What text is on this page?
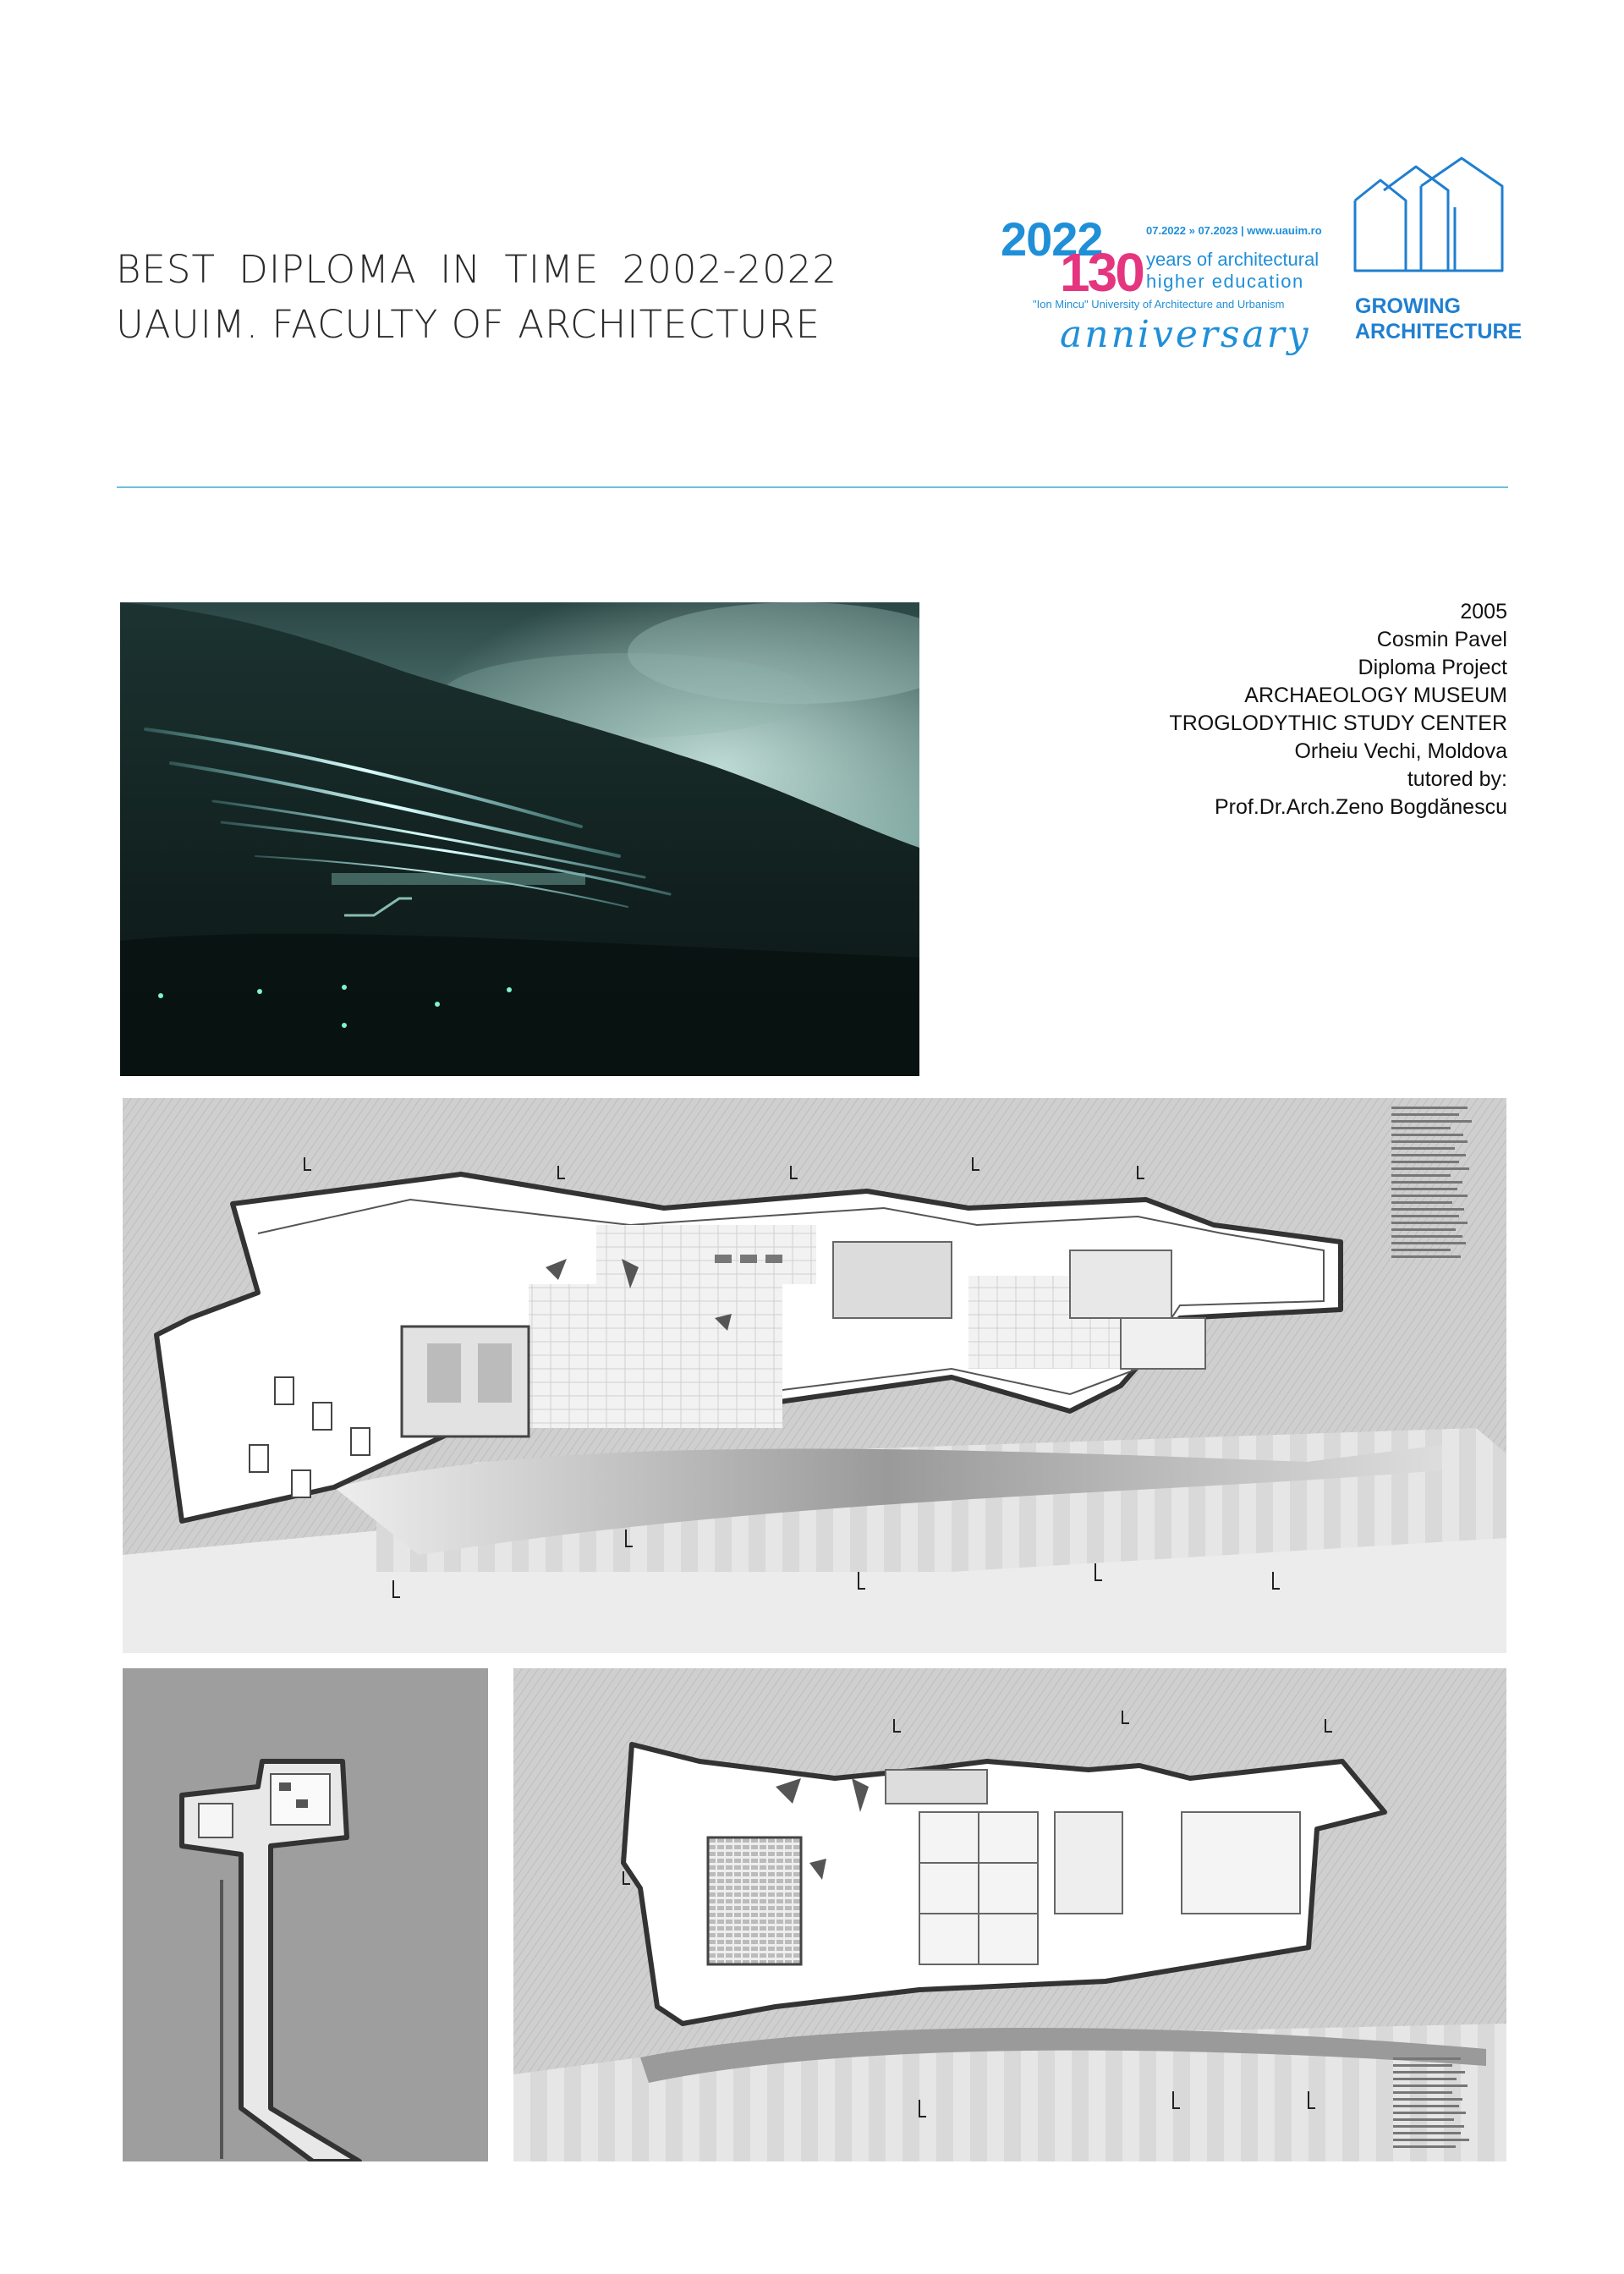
BEST DIPLOMA IN TIME 2002-2022
UAUIM. FACULTY OF ARCHITECTURE
2022	07.2022 » 07.2023 | www.uauim.ro
130 years of architectural
higher education
"Ion Mincu" University of Architecture and Urbanism
anniversary
GROWING
ARCHITECTURE
2005
Cosmin Pavel
Diploma Project
ARCHAEOLOGY MUSEUM
TROGLODYTHIC STUDY CENTER
Orheiu Vechi, Moldova
tutored by:
Prof.Dr.Arch.Zeno Bogdănescu
